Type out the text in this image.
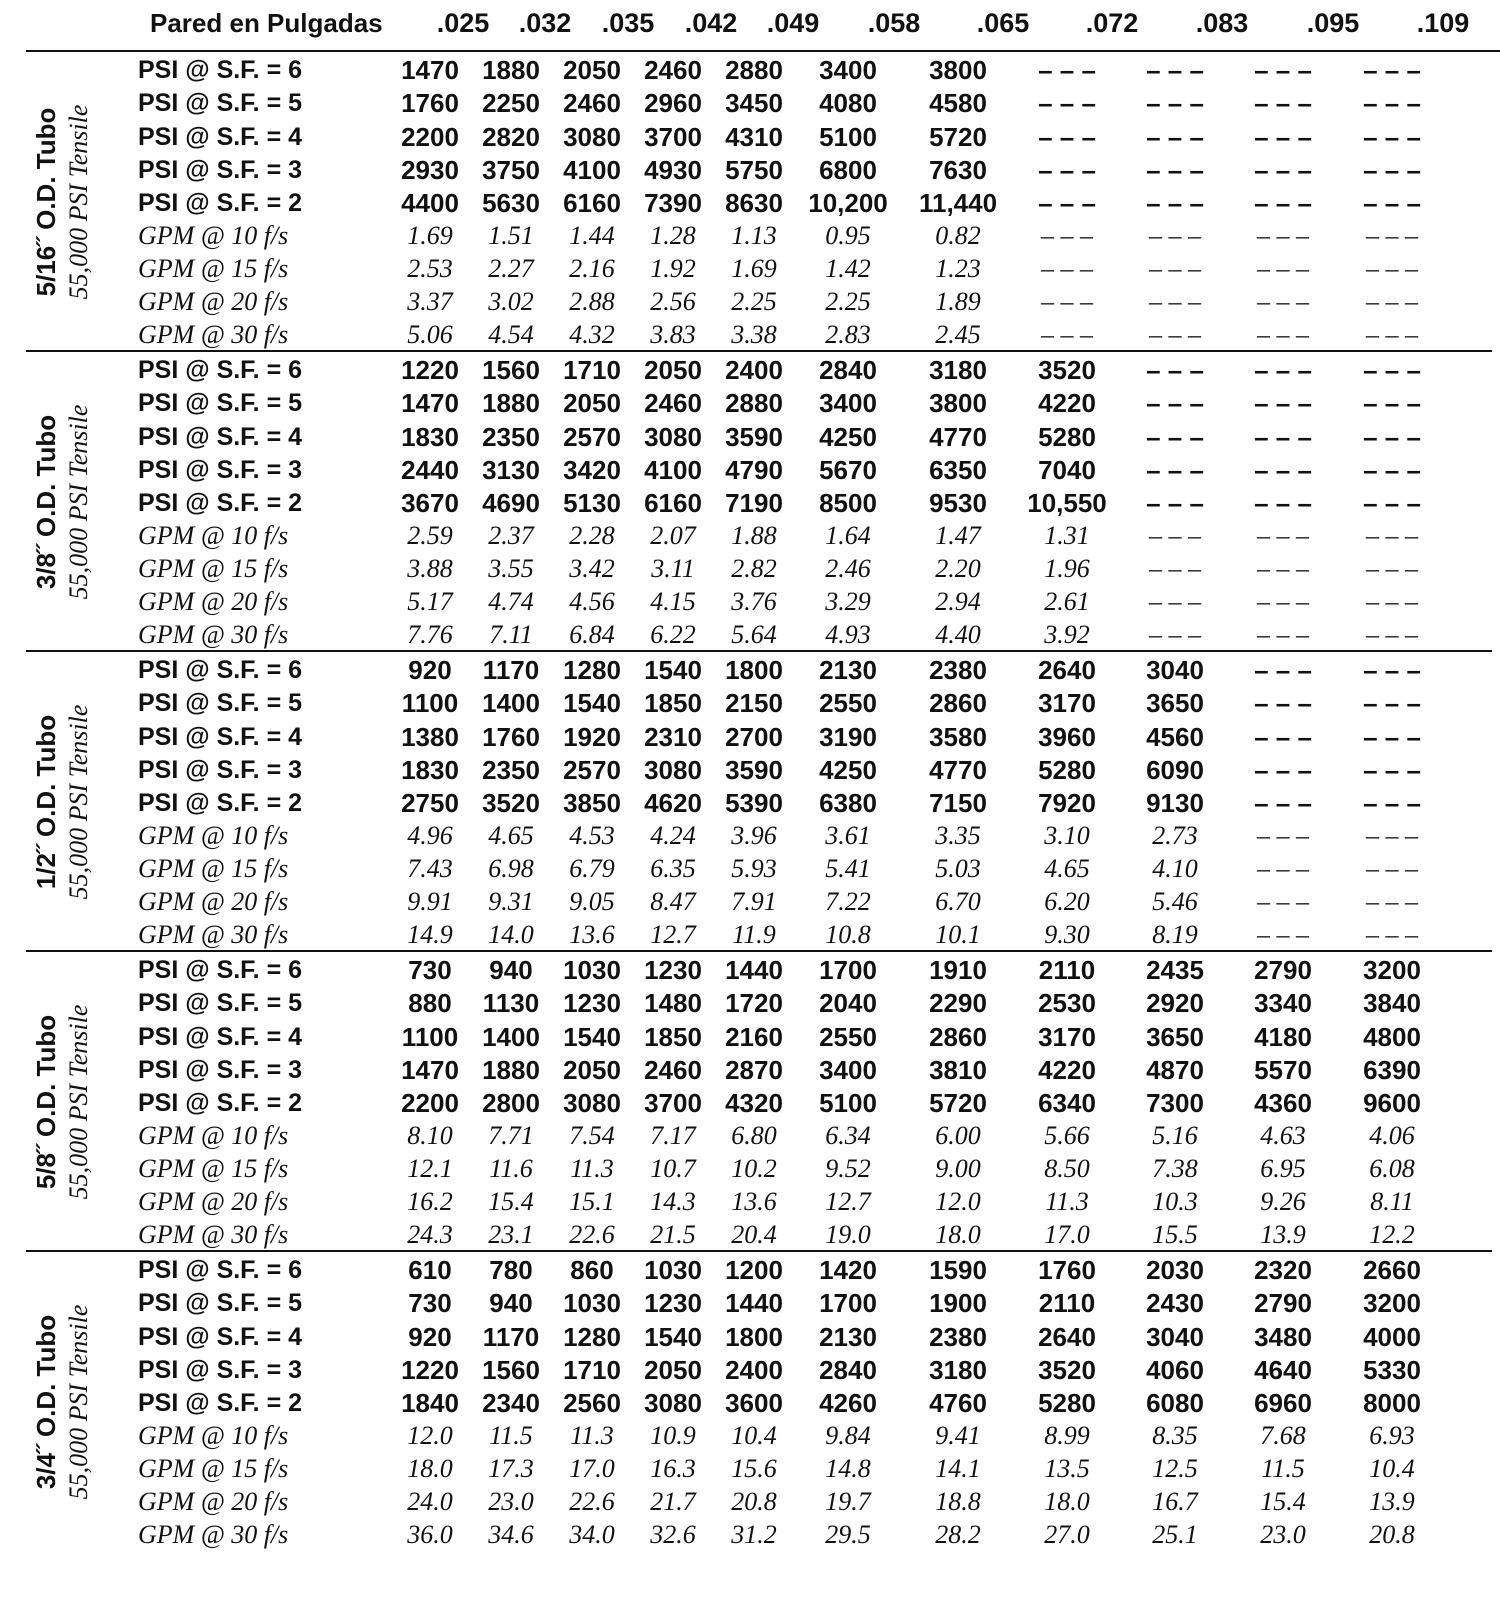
Pared en Pulgadas	.025	.032	.035	.042	.049	.058	.065	.072	.083	.095	.109
5/16˝ O.D. Tubo 55,000 PSI Tensile
PSI @ S.F. = 6	1470 1880 2050 2460 2880	3400	3800	– – –	– – –	– – –	– – –
PSI @ S.F. = 5	1760 2250 2460 2960 3450	4080	4580	– – –	– – –	– – –	– – –
PSI @ S.F. = 4	2200 2820 3080 3700 4310	5100	5720	– – –	– – –	– – –	– – –
PSI @ S.F. = 3	2930 3750 4100 4930 5750	6800	7630	– – –	– – –	– – –	– – –
PSI @ S.F. = 2	4400 5630 6160 7390 8630 10,200	11,440	– – –	– – –	– – –	– – –
GPM @ 10 f/s	1.69	1.51	1.44	1.28	1.13	0.95	0.82	– – –	– – –	– – –	– – –
GPM @ 15 f/s	2.53	2.27	2.16	1.92	1.69	1.42	1.23	– – –	– – –	– – –	– – –
GPM @ 20 f/s	3.37	3.02	2.88	2.56	2.25	2.25	1.89	– – –	– – –	– – –	– – –
GPM @ 30 f/s	5.06	4.54	4.32	3.83	3.38	2.83	2.45	– – –	– – –	– – –	– – –
3/8˝ O.D. Tubo 55,000 PSI Tensile
PSI @ S.F. = 6	1220 1560 1710 2050 2400	2840	3180	3520	– – –	– – –	– – –
PSI @ S.F. = 5	1470 1880 2050 2460 2880	3400	3800	4220	– – –	– – –	– – –
PSI @ S.F. = 4	1830 2350 2570 3080 3590	4250	4770	5280	– – –	– – –	– – –
PSI @ S.F. = 3	2440 3130 3420 4100 4790	5670	6350	7040	– – –	– – –	– – –
PSI @ S.F. = 2	3670 4690 5130 6160 7190	8500	9530	10,550	– – –	– – –	– – –
GPM @ 10 f/s	2.59	2.37	2.28	2.07	1.88	1.64	1.47	1.31	– – –	– – –	– – –
GPM @ 15 f/s	3.88	3.55	3.42	3.11	2.82	2.46	2.20	1.96	– – –	– – –	– – –
GPM @ 20 f/s	5.17	4.74	4.56	4.15	3.76	3.29	2.94	2.61	– – –	– – –	– – –
GPM @ 30 f/s	7.76	7.11	6.84	6.22	5.64	4.93	4.40	3.92	– – –	– – –	– – –
1/2˝ O.D. Tubo 55,000 PSI Tensile
PSI @ S.F. = 6	920	1170 1280 1540 1800	2130	2380	2640	3040	– – –	– – –
PSI @ S.F. = 5	1100 1400 1540 1850 2150	2550	2860	3170	3650	– – –	– – –
PSI @ S.F. = 4	1380 1760 1920 2310 2700	3190	3580	3960	4560	– – –	– – –
PSI @ S.F. = 3	1830 2350 2570 3080 3590	4250	4770	5280	6090	– – –	– – –
PSI @ S.F. = 2	2750 3520 3850 4620 5390	6380	7150	7920	9130	– – –	– – –
GPM @ 10 f/s	4.96	4.65	4.53	4.24	3.96	3.61	3.35	3.10	2.73	– – –	– – –
GPM @ 15 f/s	7.43	6.98	6.79	6.35	5.93	5.41	5.03	4.65	4.10	– – –	– – –
GPM @ 20 f/s	9.91	9.31	9.05	8.47	7.91	7.22	6.70	6.20	5.46	– – –	– – –
GPM @ 30 f/s	14.9	14.0	13.6	12.7	11.9	10.8	10.1	9.30	8.19	– – –	– – –
5/8˝ O.D. Tubo 55,000 PSI Tensile
PSI @ S.F. = 6	730	940	1030 1230 1440	1700	1910	2110	2435	2790	3200
PSI @ S.F. = 5	880	1130 1230 1480 1720	2040	2290	2530	2920	3340	3840
PSI @ S.F. = 4	1100 1400 1540 1850 2160	2550	2860	3170	3650	4180	4800
PSI @ S.F. = 3	1470 1880 2050 2460 2870	3400	3810	4220	4870	5570	6390
PSI @ S.F. = 2	2200 2800 3080 3700 4320	5100	5720	6340	7300	4360	9600
GPM @ 10 f/s	8.10	7.71	7.54	7.17	6.80	6.34	6.00	5.66	5.16	4.63	4.06
GPM @ 15 f/s	12.1	11.6	11.3	10.7	10.2	9.52	9.00	8.50	7.38	6.95	6.08
GPM @ 20 f/s	16.2	15.4	15.1	14.3	13.6	12.7	12.0	11.3	10.3	9.26	8.11
GPM @ 30 f/s	24.3	23.1	22.6	21.5	20.4	19.0	18.0	17.0	15.5	13.9	12.2
3/4˝ O.D. Tubo 55,000 PSI Tensile
PSI @ S.F. = 6	610	780	860	1030 1200	1420	1590	1760	2030	2320	2660
PSI @ S.F. = 5	730	940	1030 1230 1440	1700	1900	2110	2430	2790	3200
PSI @ S.F. = 4	920	1170 1280 1540 1800	2130	2380	2640	3040	3480	4000
PSI @ S.F. = 3	1220 1560 1710 2050 2400	2840	3180	3520	4060	4640	5330
PSI @ S.F. = 2	1840 2340 2560 3080 3600	4260	4760	5280	6080	6960	8000
GPM @ 10 f/s	12.0	11.5	11.3	10.9	10.4	9.84	9.41	8.99	8.35	7.68	6.93
GPM @ 15 f/s	18.0	17.3	17.0	16.3	15.6	14.8	14.1	13.5	12.5	11.5	10.4
GPM @ 20 f/s	24.0	23.0	22.6	21.7	20.8	19.7	18.8	18.0	16.7	15.4	13.9
GPM @ 30 f/s	36.0	34.6	34.0	32.6	31.2	29.5	28.2	27.0	25.1	23.0	20.8
